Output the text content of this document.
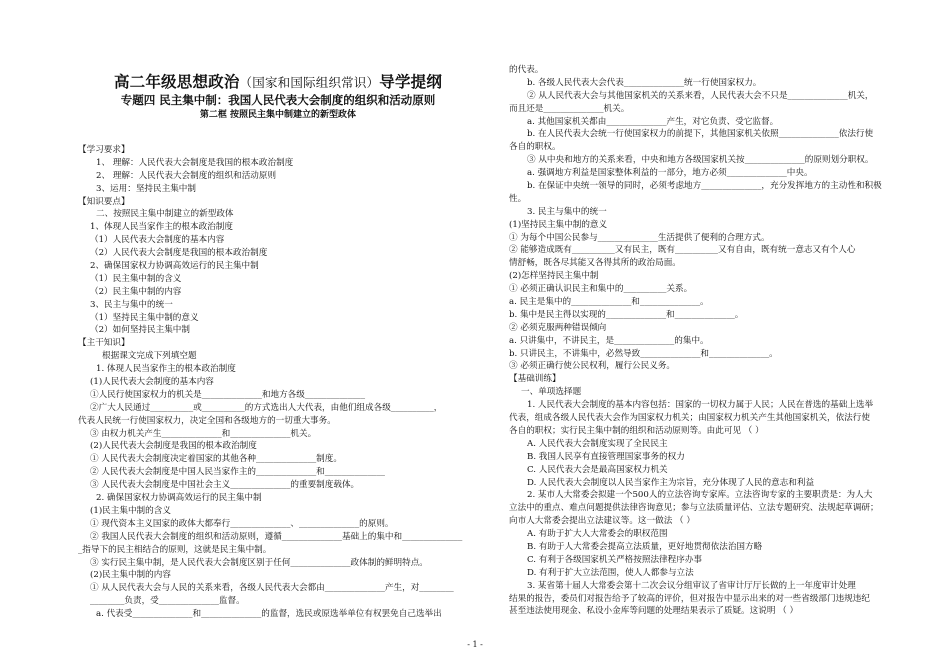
高二年级思想政治（国家和国际组织常识）导学提纲
专题四 民主集中制：我国人民代表大会制度的组织和活动原则
第二框 按照民主集中制建立的新型政体
【学习要求】
1、 理解：人民代表大会制度是我国的根本政治制度
2、 理解：人民代表大会制度的组织和活动原则
3、运用：坚持民主集中制
【知识要点】
二、按照民主集中制建立的新型政体
1、体现人民当家作主的根本政治制度
（1）人民代表大会制度的基本内容
（2）人民代表大会制度是我国的根本政治制度
2、确保国家权力协调高效运行的民主集中制
（1）民主集中制的含义
（2）民主集中制的内容
3、民主与集中的统一
（1）坚持民主集中制的意义
（2）如何坚持民主集中制
【主干知识】
根据课文完成下列填空题
1. 体现人民当家作主的根本政治制度
(1)人民代表大会制度的基本内容
①人民行使国家权力的机关是______________和地方各级______________
②广大人民通过__________或__________的方式选出人大代表，由他们组成各级__________，
代表人民统一行使国家权力，决定全国和各级地方的一切重大事务。
③ 由权力机关产生______________和______________机关。
(2)人民代表大会制度是我国的根本政治制度
① 人民代表大会制度决定着国家的其他各种______________制度。
② 人民代表大会制度是中国人民当家作主的______________和______________
③ 人民代表大会制度是中国社会主义______________的重要制度载体。
2. 确保国家权力协调高效运行的民主集中制
(1)民主集中制的含义
① 现代资本主义国家的政体大都奉行______________、______________的原则。
② 我国人民代表大会制度的组织和活动原则，遵循______________基础上的集中和______________
_指导下的民主相结合的原则，这就是民主集中制。
③ 实行民主集中制，是人民代表大会制度区别于任何______________政体制的鲜明特点。
(2)民主集中制的内容
① 从人民代表大会与人民的关系来看，各级人民代表大会都由______________产生，对________
________负责，受______________监督。
a. 代表受______________和______________的监督，选民或原选举单位有权罢免自己选举出
的代表。
b. 各级人民代表大会代表______________统一行使国家权力。
② 从人民代表大会与其他国家机关的关系来看，人民代表大会不只是______________机关，
而且还是______________机关。
a. 其他国家机关都由______________产生，对它负责、受它监督。
b. 在人民代表大会统一行使国家权力的前提下，其他国家机关依照______________依法行使
各自的职权。
③ 从中央和地方的关系来看，中央和地方各级国家机关按______________的原则划分职权。
a. 强调地方利益是国家整体利益的一部分，地方必须______________中央。
b. 在保证中央统一领导的同时，必须考虑地方______________，充分发挥地方的主动性和积极
性。
3. 民主与集中的统一
(1)坚持民主集中制的意义
① 为每个中国公民参与______________生活提供了便利的合理方式。
② 能够造成既有__________又有民主，既有__________又有自由，既有统一意志又有个人心
情舒畅，既各尽其能又各得其所的政治局面。
(2)怎样坚持民主集中制
① 必须正确认识民主和集中的__________关系。
a. 民主是集中的______________和______________。
b. 集中是民主得以实现的______________和______________。
② 必须克服两种错误倾向
a. 只讲集中，不讲民主，是______________的集中。
b. 只讲民主，不讲集中，必然导致______________和______________。
③ 必须正确行使公民权利，履行公民义务。
【基础训练】
一、单项选择题
1. 人民代表大会制度的基本内容包括：国家的一切权力属于人民；人民在普选的基础上选举
代表，组成各级人民代表大会作为国家权力机关；由国家权力机关产生其他国家机关，依法行使
各自的职权；实行民主集中制的组织和活动原则等。由此可见 （ ）
A. 人民代表大会制度实现了全民民主
B. 我国人民享有直接管理国家事务的权力
C. 人民代表大会是最高国家权力机关
D. 人民代表大会制度以人民当家作主为宗旨，充分体现了人民的意志和利益
2. 某市人大常委会拟建一个500人的立法咨询专家库。立法咨询专家的主要职责是：为人大
立法中的重点、难点问题提供法律咨询意见；参与立法质量评估、立法专题研究、法规起草调研；
向市人大常委会提出立法建议等。这一做法 （ ）
A. 有助于扩大人大常委会的职权范围
B. 有助于人大常委会提高立法质量，更好地贯彻依法治国方略
C. 有利于各级国家机关严格按照法律程序办事
D. 有利于扩大立法范围，使人人都参与立法
3. 某省第十届人大常委会第十二次会议分组审议了省审计厅厅长做的上一年度审计处理
结果的报告，委员们对报告给予了较高的评价，但对报告中显示出来的对一些省级部门违规违纪
甚至违法使用现金、私设小金库等问题的处理结果表示了质疑。这说明 （ ）
- 1 -
